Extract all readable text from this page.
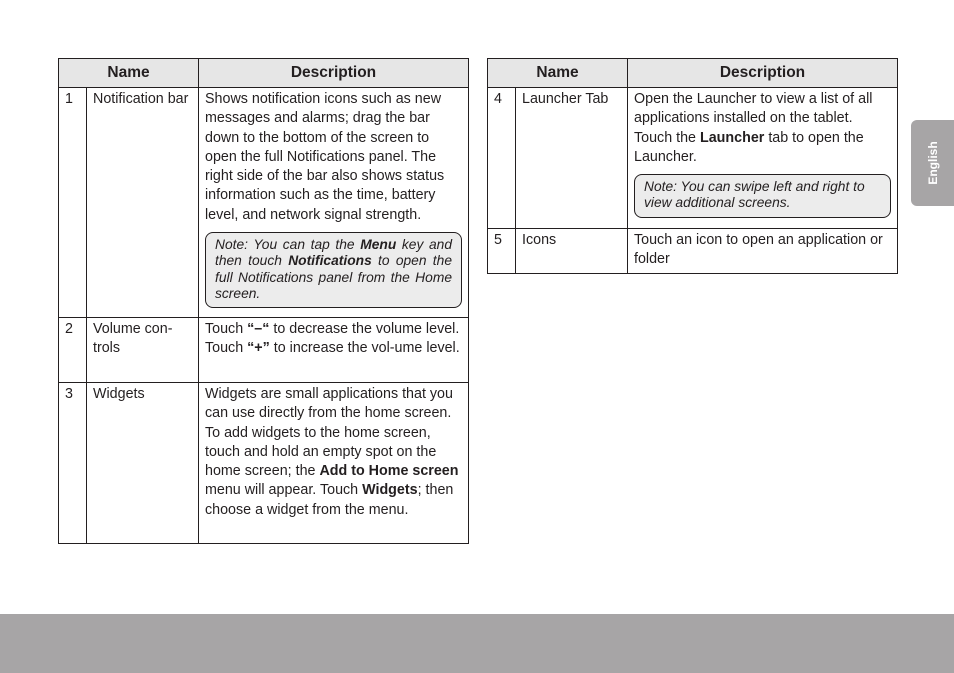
Name		Description
1	Notification bar	Shows notification icons such as new messages and alarms; drag the bar down to the bottom of the screen to open the full Notifications panel. The right side of the bar also shows status information such as the time, battery level, and network signal strength.
Note: You can tap the Menu key and then touch Notifications to open the full Notifications panel from the Home screen.

2	Volume con-trols	Touch “–“ to decrease the volume level. Touch “+” to increase the vol-ume level.
3	Widgets	Widgets are small applications that you can use directly from the home screen. To add widgets to the home screen, touch and hold an empty spot on the home screen; the Add to Home screen menu will appear. Touch Widgets; then choose a widget from the menu.
Name		Description
4	Launcher Tab	Open the Launcher to view a list of all applications installed on the tablet. Touch the Launcher tab to open the Launcher.
Note: You can swipe left and right to view additional screens.

5	Icons	Touch an icon to open an application or folder
English
